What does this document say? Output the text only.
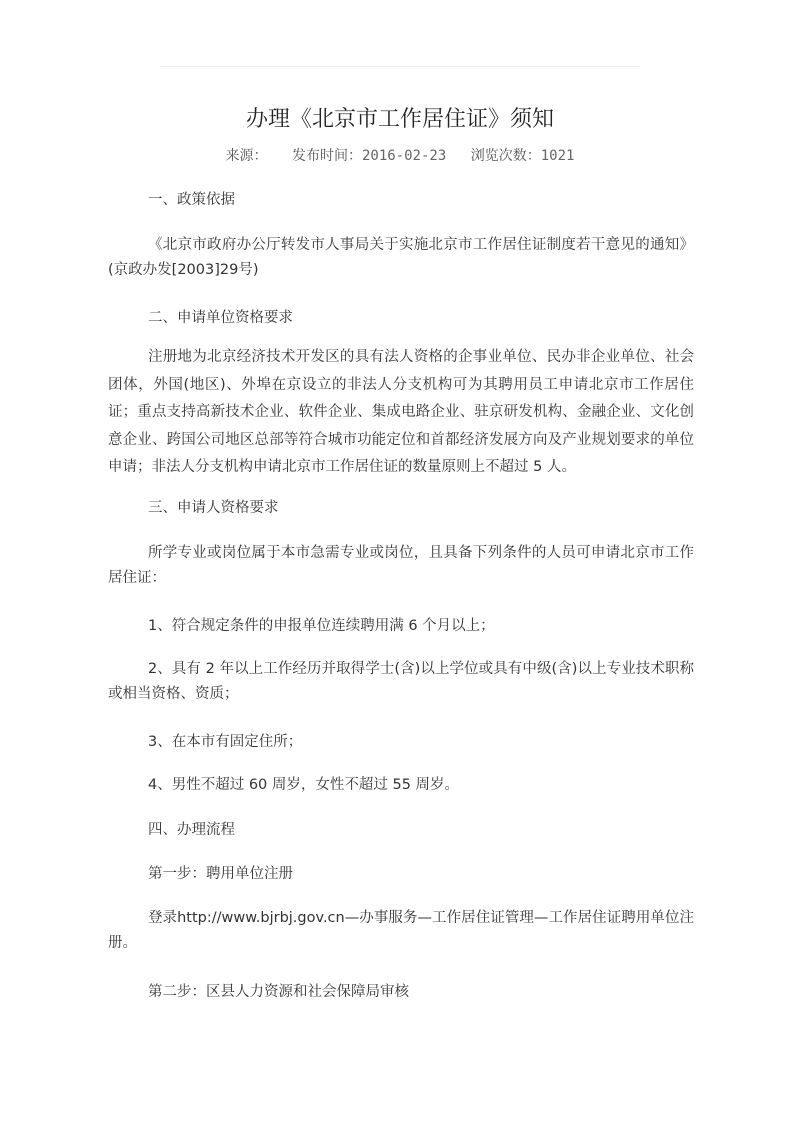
办理《北京市工作居住证》须知
来源： 发布时间：2016-02-23 浏览次数：1021
一、政策依据
《北京市政府办公厅转发市人事局关于实施北京市工作居住证制度若干意见的通知》(京政办发[2003]29号)
二、申请单位资格要求
注册地为北京经济技术开发区的具有法人资格的企事业单位、民办非企业单位、社会团体，外国(地区)、外埠在京设立的非法人分支机构可为其聘用员工申请北京市工作居住证；重点支持高新技术企业、软件企业、集成电路企业、驻京研发机构、金融企业、文化创意企业、跨国公司地区总部等符合城市功能定位和首都经济发展方向及产业规划要求的单位申请；非法人分支机构申请北京市工作居住证的数量原则上不超过 5 人。
三、申请人资格要求
所学专业或岗位属于本市急需专业或岗位，且具备下列条件的人员可申请北京市工作居住证：
1、符合规定条件的申报单位连续聘用满 6 个月以上；
2、具有 2 年以上工作经历并取得学士(含)以上学位或具有中级(含)以上专业技术职称或相当资格、资质；
3、在本市有固定住所；
4、男性不超过 60 周岁，女性不超过 55 周岁。
四、办理流程
第一步：聘用单位注册
登录http://www.bjrbj.gov.cn—办事服务—工作居住证管理—工作居住证聘用单位注册。
第二步：区县人力资源和社会保障局审核
